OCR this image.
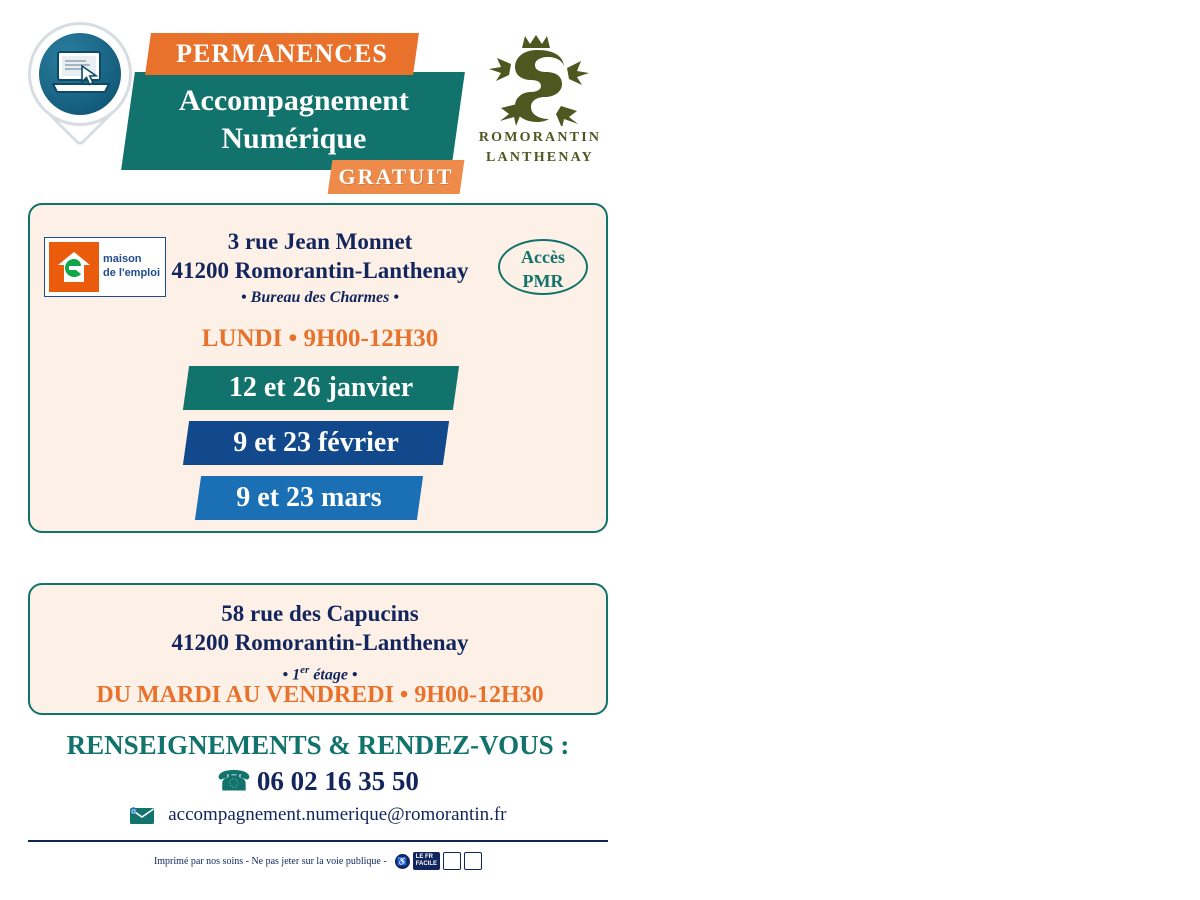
PERMANENCES
Accompagnement
Numérique
GRATUIT
ROMORANTIN
LANTHENAY
maison
de l'emploi
Accès
PMR
3 rue Jean Monnet
41200 Romorantin-Lanthenay
• Bureau des Charmes •
LUNDI • 9H00-12H30
12 et 26 janvier
9 et 23 février
9 et 23 mars
58 rue des Capucins
41200 Romorantin-Lanthenay
• 1er étage •
DU MARDI AU VENDREDI • 9H00-12H30
RENSEIGNEMENTS & RENDEZ-VOUS :
☎ 06 02 16 35 50
@ accompagnement.numerique@romorantin.fr
Imprimé par nos soins - Ne pas jeter sur la voie publique -	♿	LE FR
FACILE
